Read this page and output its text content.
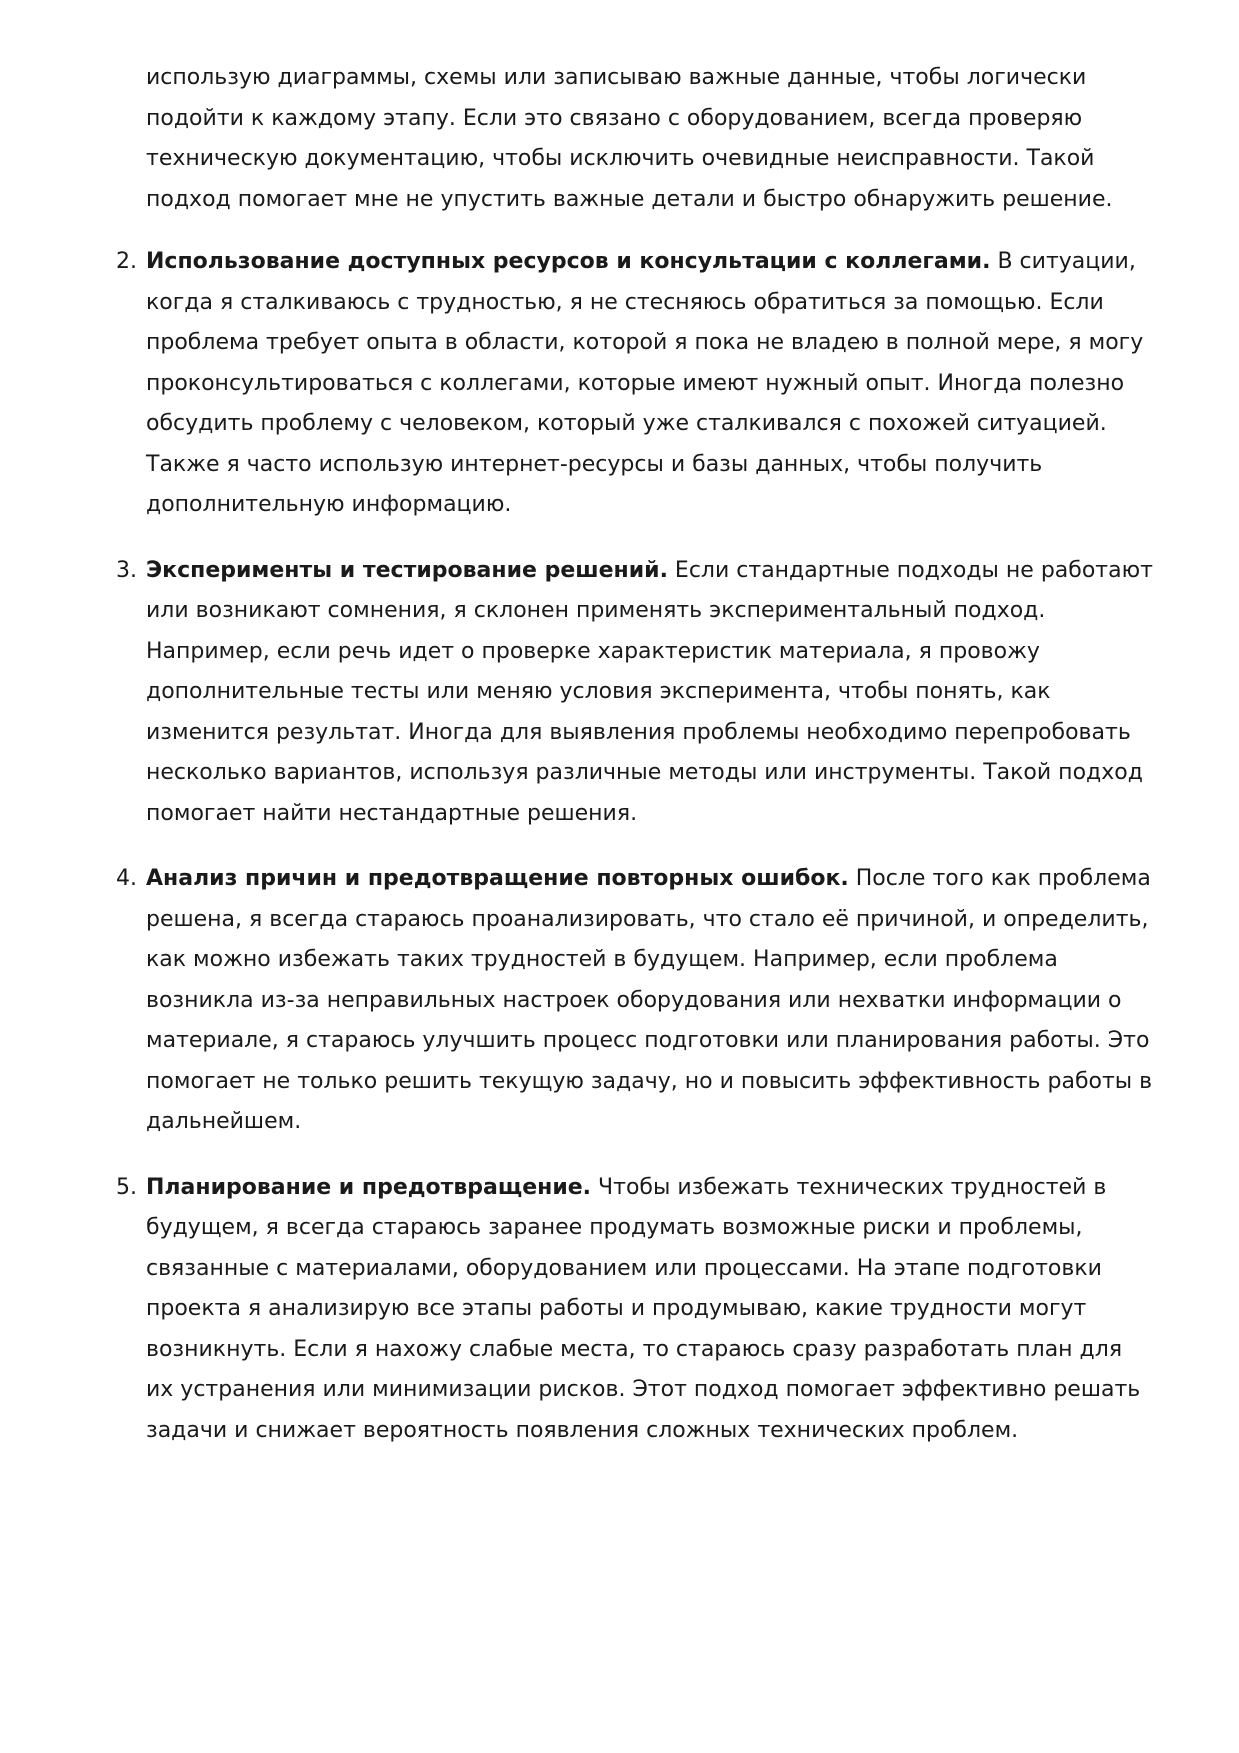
использую диаграммы, схемы или записываю важные данные, чтобы логически подойти к каждому этапу. Если это связано с оборудованием, всегда проверяю техническую документацию, чтобы исключить очевидные неисправности. Такой подход помогает мне не упустить важные детали и быстро обнаружить решение.

2. Использование доступных ресурсов и консультации с коллегами. В ситуации, когда я сталкиваюсь с трудностью, я не стесняюсь обратиться за помощью. Если проблема требует опыта в области, которой я пока не владею в полной мере, я могу проконсультироваться с коллегами, которые имеют нужный опыт. Иногда полезно обсудить проблему с человеком, который уже сталкивался с похожей ситуацией. Также я часто использую интернет-ресурсы и базы данных, чтобы получить дополнительную информацию.

3. Эксперименты и тестирование решений. Если стандартные подходы не работают или возникают сомнения, я склонен применять экспериментальный подход. Например, если речь идет о проверке характеристик материала, я провожу дополнительные тесты или меняю условия эксперимента, чтобы понять, как изменится результат. Иногда для выявления проблемы необходимо перепробовать несколько вариантов, используя различные методы или инструменты. Такой подход помогает найти нестандартные решения.

4. Анализ причин и предотвращение повторных ошибок. После того как проблема решена, я всегда стараюсь проанализировать, что стало её причиной, и определить, как можно избежать таких трудностей в будущем. Например, если проблема возникла из-за неправильных настроек оборудования или нехватки информации о материале, я стараюсь улучшить процесс подготовки или планирования работы. Это помогает не только решить текущую задачу, но и повысить эффективность работы в дальнейшем.

5. Планирование и предотвращение. Чтобы избежать технических трудностей в будущем, я всегда стараюсь заранее продумать возможные риски и проблемы, связанные с материалами, оборудованием или процессами. На этапе подготовки проекта я анализирую все этапы работы и продумываю, какие трудности могут возникнуть. Если я нахожу слабые места, то стараюсь сразу разработать план для их устранения или минимизации рисков. Этот подход помогает эффективно решать задачи и снижает вероятность появления сложных технических проблем.
